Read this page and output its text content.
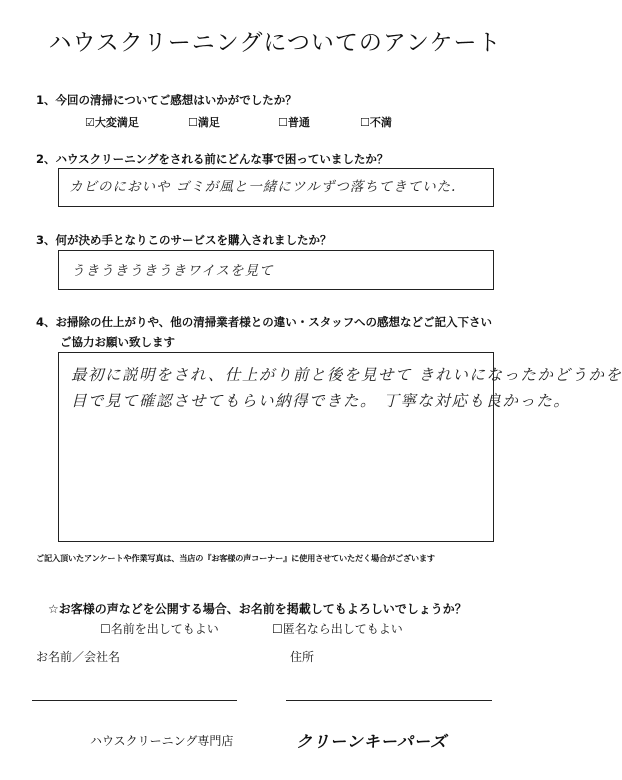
ハウスクリーニングについてのアンケート
1、今回の清掃についてご感想はいかがでしたか？
☑大変満足	☐満足	☐普通	☐不満
2、ハウスクリーニングをされる前にどんな事で困っていましたか？
カビのにおいや ゴミが風と一緒にツルずつ落ちてきていた.
3、何が決め手となりこのサービスを購入されましたか？
うきうきうきうきワイスを見て
4、お掃除の仕上がりや、他の清掃業者様との違い・スタッフへの感想などご記入下さい
ご協力お願い致します
最初に説明をされ、仕上がり前と後を見せて きれいになったかどうかを
目で見て確認させてもらい納得できた。 丁寧な対応も良かった。
ご記入頂いたアンケートや作業写真は、当店の『お客様の声コーナー』に使用させていただく場合がございます
☆お客様の声などを公開する場合、お名前を掲載してもよろしいでしょうか？
☐名前を出してもよい	☐匿名なら出してもよい
お名前／会社名	住所
ハウスクリーニング専門店	クリーンキーパーズ
